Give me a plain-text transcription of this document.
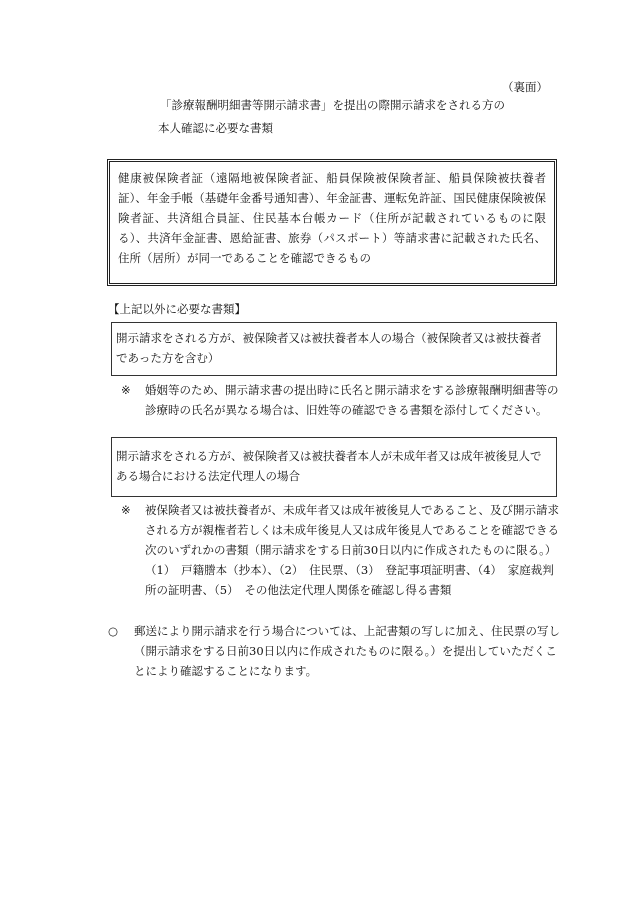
（裏面）
「診療報酬明細書等開示請求書」を提出の際開示請求をされる方の
本人確認に必要な書類
健康被保険者証（遠隔地被保険者証、船員保険被保険者証、船員保険被扶養者証）、年金手帳（基礎年金番号通知書）、年金証書、運転免許証、国民健康保険被保険者証、共済組合員証、住民基本台帳カード（住所が記載されているものに限る）、共済年金証書、恩給証書、旅券（パスポート）等請求書に記載された氏名、住所（居所）が同一であることを確認できるもの
【上記以外に必要な書類】
開示請求をされる方が、被保険者又は被扶養者本人の場合（被保険者又は被扶養者であった方を含む）
※	婚姻等のため、開示請求書の提出時に氏名と開示請求をする診療報酬明細書等の診療時の氏名が異なる場合は、旧姓等の確認できる書類を添付してください。
開示請求をされる方が、被保険者又は被扶養者本人が未成年者又は成年被後見人である場合における法定代理人の場合
※	被保険者又は被扶養者が、未成年者又は成年被後見人であること、及び開示請求される方が親権者若しくは未成年後見人又は成年後見人であることを確認できる次のいずれかの書類（開示請求をする日前30日以内に作成されたものに限る。）
（1）　戸籍謄本（抄本）、（2）　住民票、（3）　登記事項証明書、（4）　家庭裁判所の証明書、（5）　その他法定代理人関係を確認し得る書類
○	郵送により開示請求を行う場合については、上記書類の写しに加え、住民票の写し（開示請求をする日前30日以内に作成されたものに限る。）を提出していただくことにより確認することになります。
